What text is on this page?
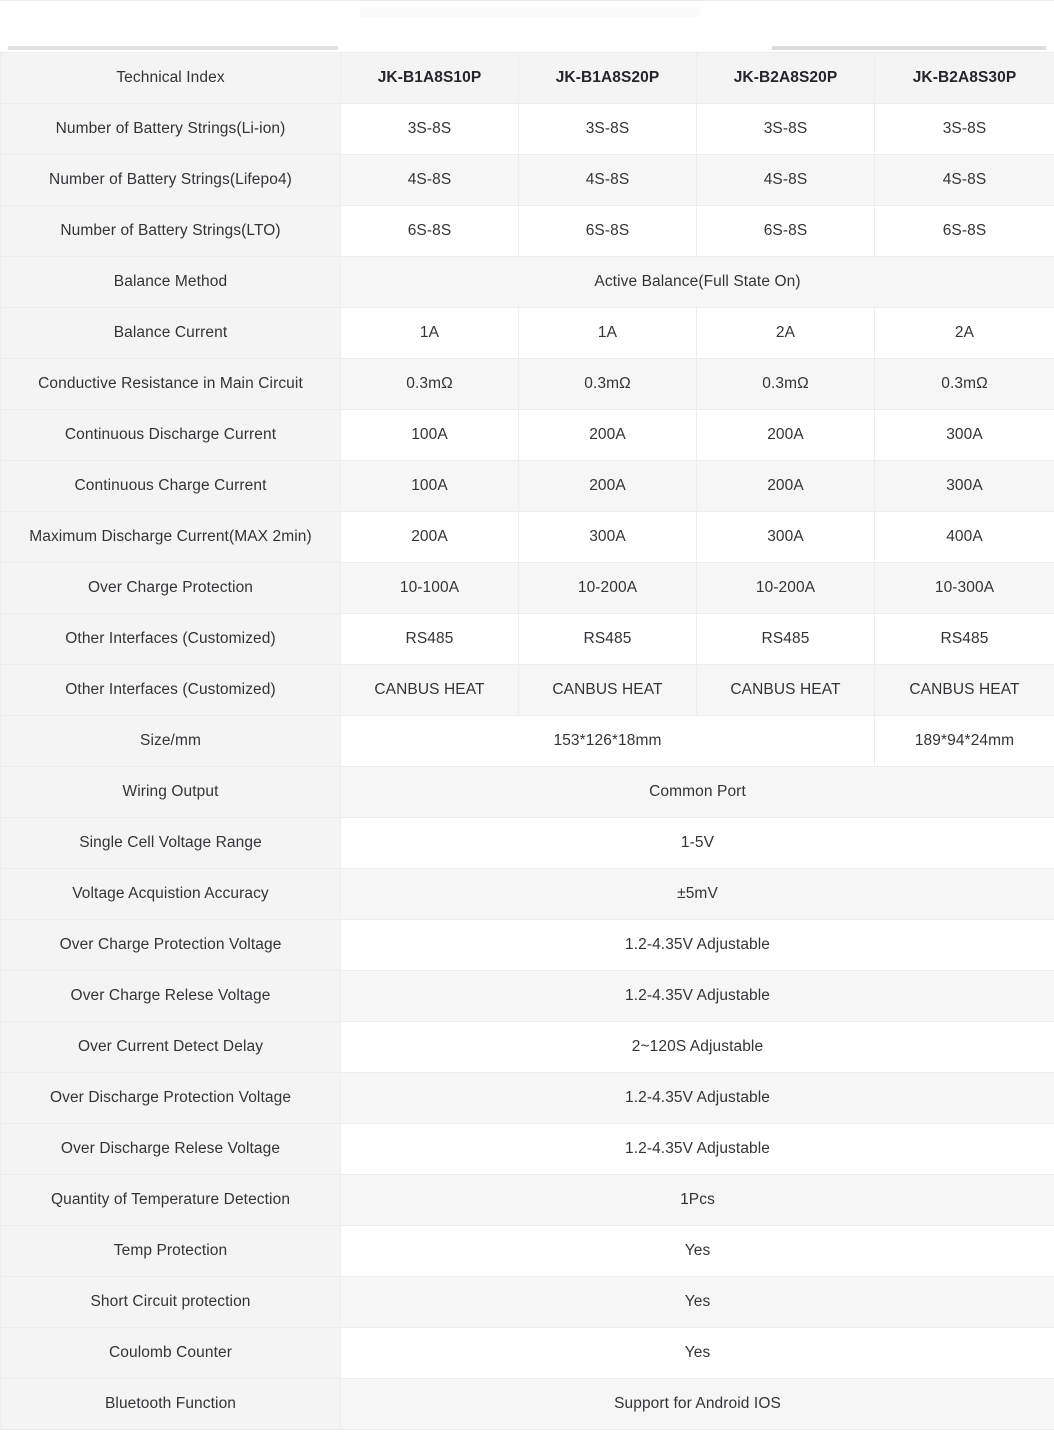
Technical Index	JK-B1A8S10P	JK-B1A8S20P	JK-B2A8S20P	JK-B2A8S30P
Number of Battery Strings(Li-ion)	3S-8S	3S-8S	3S-8S	3S-8S
Number of Battery Strings(Lifepo4)	4S-8S	4S-8S	4S-8S	4S-8S
Number of Battery Strings(LTO)	6S-8S	6S-8S	6S-8S	6S-8S
Balance Method	Active Balance(Full State On)			
Balance Current	1A	1A	2A	2A
Conductive Resistance in Main Circuit	0.3mΩ	0.3mΩ	0.3mΩ	0.3mΩ
Continuous Discharge Current	100A	200A	200A	300A
Continuous Charge Current	100A	200A	200A	300A
Maximum Discharge Current(MAX 2min)	200A	300A	300A	400A
Over Charge Protection	10-100A	10-200A	10-200A	10-300A
Other Interfaces (Customized)	RS485	RS485	RS485	RS485
Other Interfaces (Customized)	CANBUS HEAT	CANBUS HEAT	CANBUS HEAT	CANBUS HEAT
Size/mm	153*126*18mm			189*94*24mm
Wiring Output	Common Port			
Single Cell Voltage Range	1-5V			
Voltage Acquistion Accuracy	±5mV			
Over Charge Protection Voltage	1.2-4.35V Adjustable			
Over Charge Relese Voltage	1.2-4.35V Adjustable			
Over Current Detect Delay	2~120S Adjustable			
Over Discharge Protection Voltage	1.2-4.35V Adjustable			
Over Discharge Relese Voltage	1.2-4.35V Adjustable			
Quantity of Temperature Detection	1Pcs			
Temp Protection	Yes			
Short Circuit protection	Yes			
Coulomb Counter	Yes			
Bluetooth Function	Support for Android IOS			
